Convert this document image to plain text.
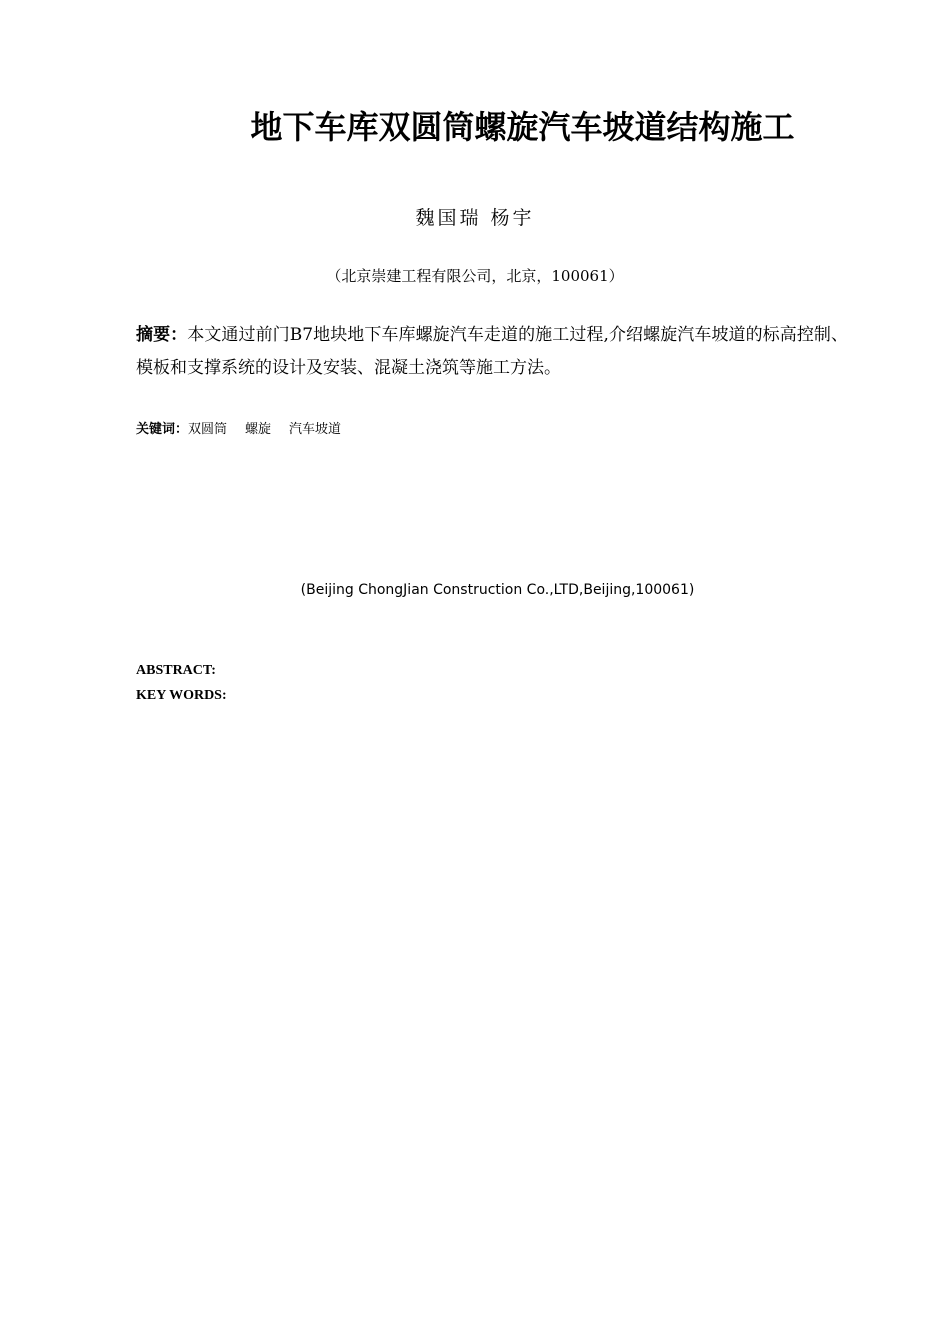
地下车库双圆筒螺旋汽车坡道结构施工
魏国瑞 杨宇
（北京崇建工程有限公司，北京，100061）
摘要：本文通过前门B7地块地下车库螺旋汽车走道的施工过程,介绍螺旋汽车坡道的标高控制、模板和支撑系统的设计及安装、混凝土浇筑等施工方法。
关键词：双圆筒 螺旋 汽车坡道
(Beijing ChongJian Construction Co.,LTD,Beijing,100061)
ABSTRACT:
KEY WORDS:
